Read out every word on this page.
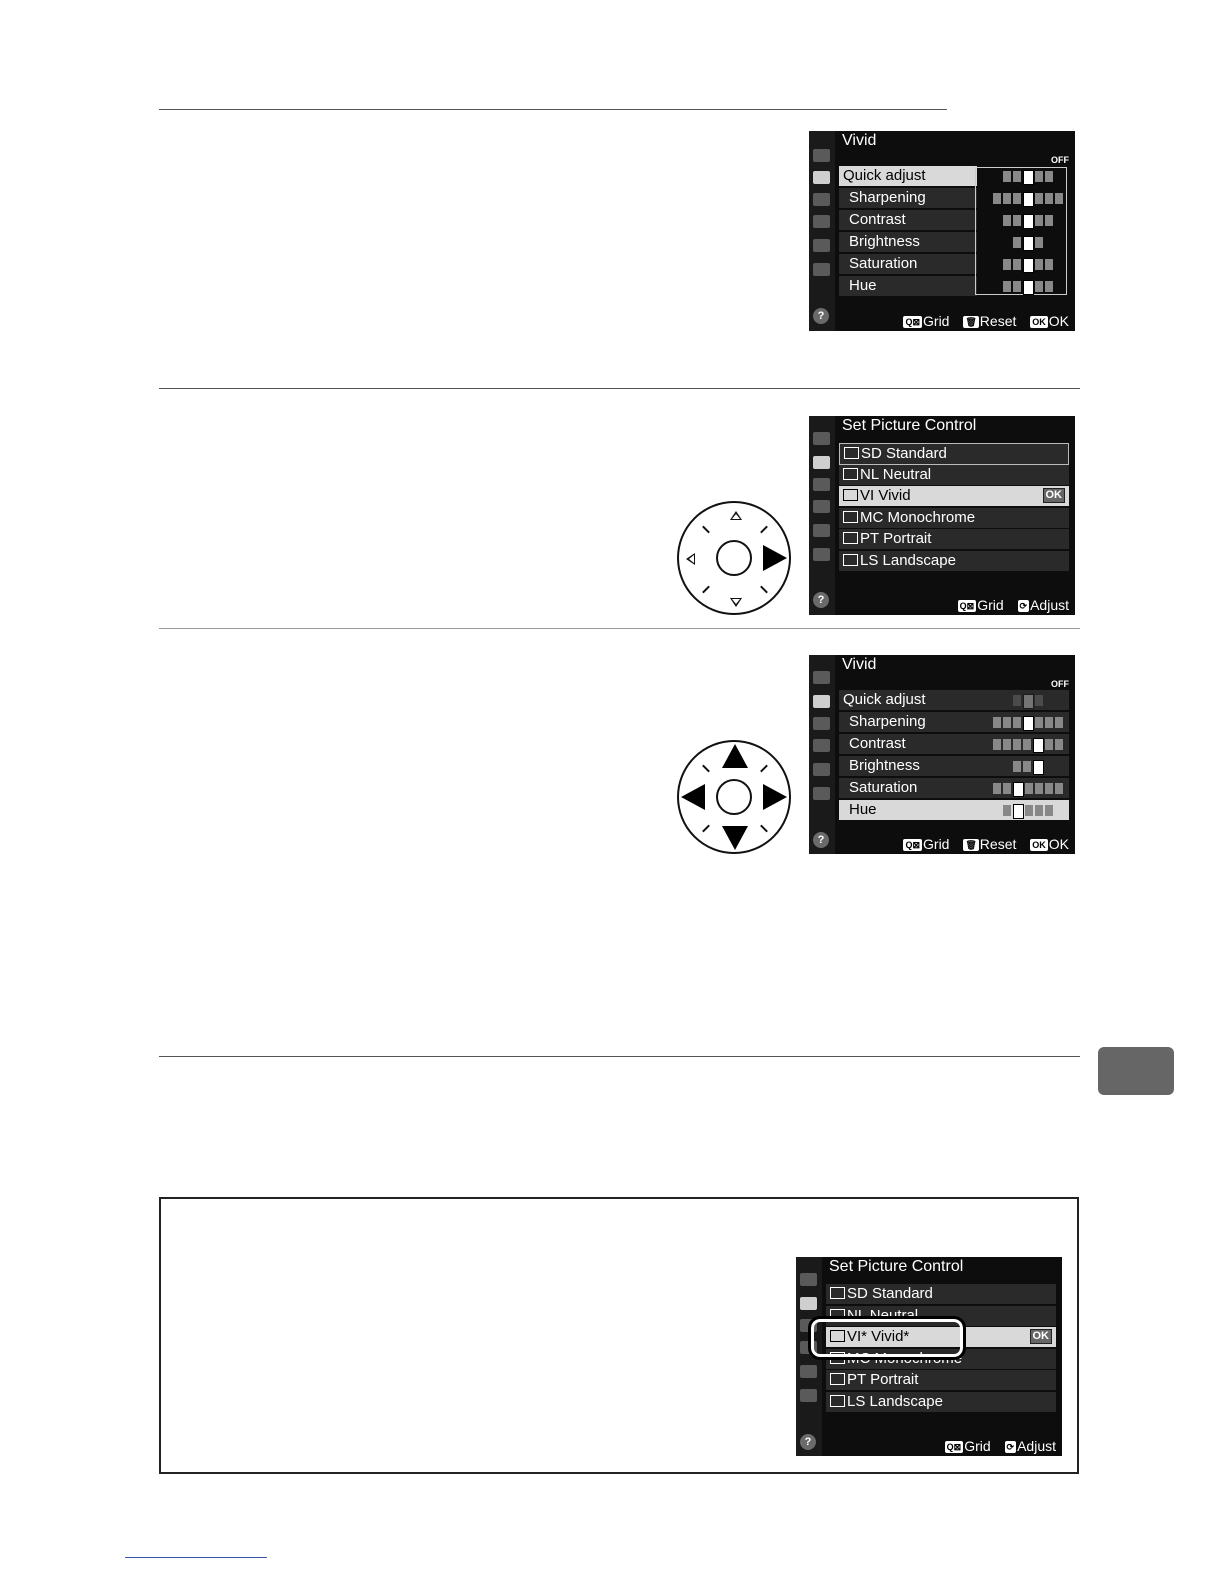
?
Vivid
OFF
Quick adjust
Sharpening
Contrast
Brightness
Saturation
Hue
Q⊠ Grid 🗑 Reset OK OK
?
Set Picture Control
SD Standard
NL Neutral
VI Vivid	OK
MC Monochrome
PT Portrait
LS Landscape
Q⊠ Grid ⟳ Adjust
?
Vivid
OFF
Quick adjust
Sharpening
Contrast
Brightness
Saturation
Hue
Q⊠ Grid 🗑 Reset OK OK
?
Set Picture Control
SD Standard
NL Neutral
VI* Vivid*	OK
MC Monochrome
PT Portrait
LS Landscape
Q⊠ Grid ⟳ Adjust
